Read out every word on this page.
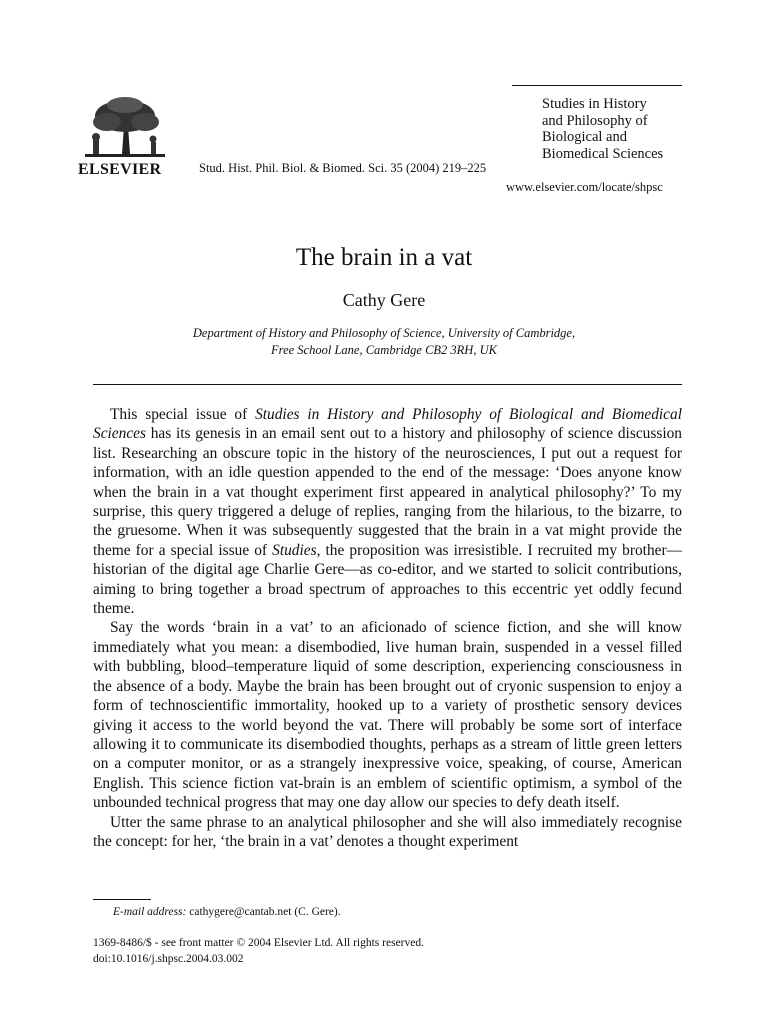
ELSEVIER	Stud. Hist. Phil. Biol. & Biomed. Sci. 35 (2004) 219–225
Studies in History
and Philosophy of
Biological and
Biomedical Sciences
www.elsevier.com/locate/shpsc
The brain in a vat
Cathy Gere
Department of History and Philosophy of Science, University of Cambridge,
Free School Lane, Cambridge CB2 3RH, UK

This special issue of Studies in History and Philosophy of Biological and Biomedical Sciences has its genesis in an email sent out to a history and philosophy of science discussion list. Researching an obscure topic in the history of the neurosciences, I put out a request for information, with an idle question appended to the end of the message: ‘Does anyone know when the brain in a vat thought experiment first appeared in analytical philosophy?’ To my surprise, this query triggered a deluge of replies, ranging from the hilarious, to the bizarre, to the gruesome. When it was subsequently suggested that the brain in a vat might provide the theme for a special issue of Studies, the proposition was irresistible. I recruited my brother—historian of the digital age Charlie Gere—as co-editor, and we started to solicit contributions, aiming to bring together a broad spectrum of approaches to this eccentric yet oddly fecund theme.

Say the words ‘brain in a vat’ to an aficionado of science fiction, and she will know immediately what you mean: a disembodied, live human brain, suspended in a vessel filled with bubbling, blood–temperature liquid of some description, experiencing consciousness in the absence of a body. Maybe the brain has been brought out of cryonic suspension to enjoy a form of technoscientific immortality, hooked up to a variety of prosthetic sensory devices giving it access to the world beyond the vat. There will probably be some sort of interface allowing it to communicate its disembodied thoughts, perhaps as a stream of little green letters on a computer monitor, or as a strangely inexpressive voice, speaking, of course, American English. This science fiction vat-brain is an emblem of scientific optimism, a symbol of the unbounded technical progress that may one day allow our species to defy death itself.

Utter the same phrase to an analytical philosopher and she will also immediately recognise the concept: for her, ‘the brain in a vat’ denotes a thought experiment

E-mail address: cathygere@cantab.net (C. Gere).
1369-8486/$ - see front matter © 2004 Elsevier Ltd. All rights reserved.
doi:10.1016/j.shpsc.2004.03.002
